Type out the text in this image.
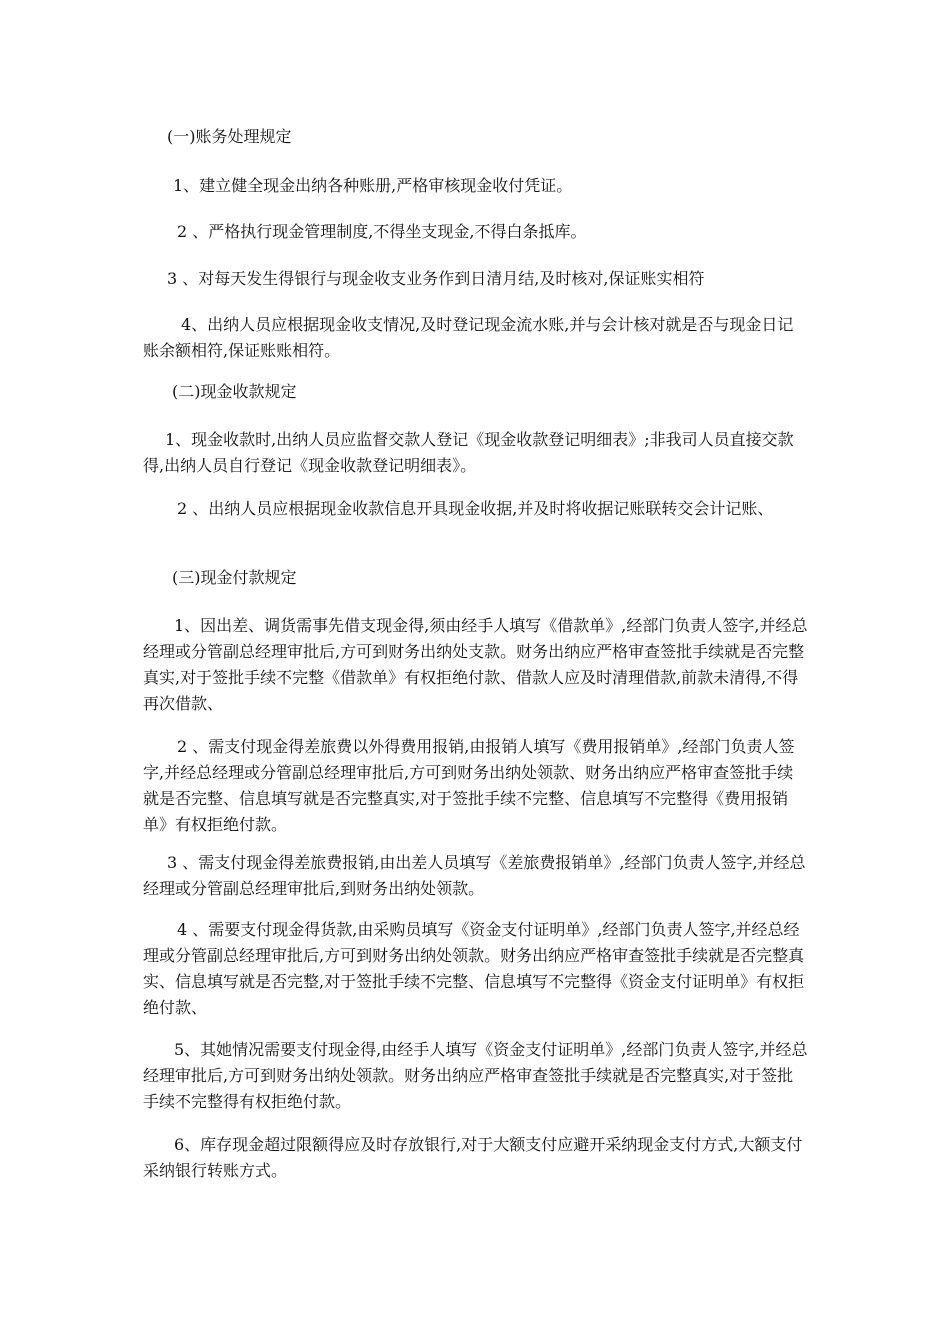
(一)账务处理规定

1、建立健全现金出纳各种账册,严格审核现金收付凭证。

2 、严格执行现金管理制度,不得坐支现金,不得白条抵库。

3 、对每天发生得银行与现金收支业务作到日清月结,及时核对,保证账实相符

4、出纳人员应根据现金收支情况,及时登记现金流水账,并与会计核对就是否与现金日记账余额相符,保证账账相符。

(二)现金收款规定

1、现金收款时,出纳人员应监督交款人登记《现金收款登记明细表》;非我司人员直接交款得,出纳人员自行登记《现金收款登记明细表》。

2 、出纳人员应根据现金收款信息开具现金收据,并及时将收据记账联转交会计记账、

(三)现金付款规定

1、因出差、调货需事先借支现金得,须由经手人填写《借款单》,经部门负责人签字,并经总经理或分管副总经理审批后,方可到财务出纳处支款。财务出纳应严格审查签批手续就是否完整真实,对于签批手续不完整《借款单》有权拒绝付款、借款人应及时清理借款,前款未清得,不得再次借款、

2 、需支付现金得差旅费以外得费用报销,由报销人填写《费用报销单》,经部门负责人签字,并经总经理或分管副总经理审批后,方可到财务出纳处领款、财务出纳应严格审查签批手续就是否完整、信息填写就是否完整真实,对于签批手续不完整、信息填写不完整得《费用报销单》有权拒绝付款。

3 、需支付现金得差旅费报销,由出差人员填写《差旅费报销单》,经部门负责人签字,并经总经理或分管副总经理审批后,到财务出纳处领款。

4 、需要支付现金得货款,由采购员填写《资金支付证明单》,经部门负责人签字,并经总经理或分管副总经理审批后,方可到财务出纳处领款。财务出纳应严格审查签批手续就是否完整真实、信息填写就是否完整,对于签批手续不完整、信息填写不完整得《资金支付证明单》有权拒绝付款、

5、其她情况需要支付现金得,由经手人填写《资金支付证明单》,经部门负责人签字,并经总经理审批后,方可到财务出纳处领款。财务出纳应严格审查签批手续就是否完整真实,对于签批手续不完整得有权拒绝付款。

6、库存现金超过限额得应及时存放银行,对于大额支付应避开采纳现金支付方式,大额支付采纳银行转账方式。
